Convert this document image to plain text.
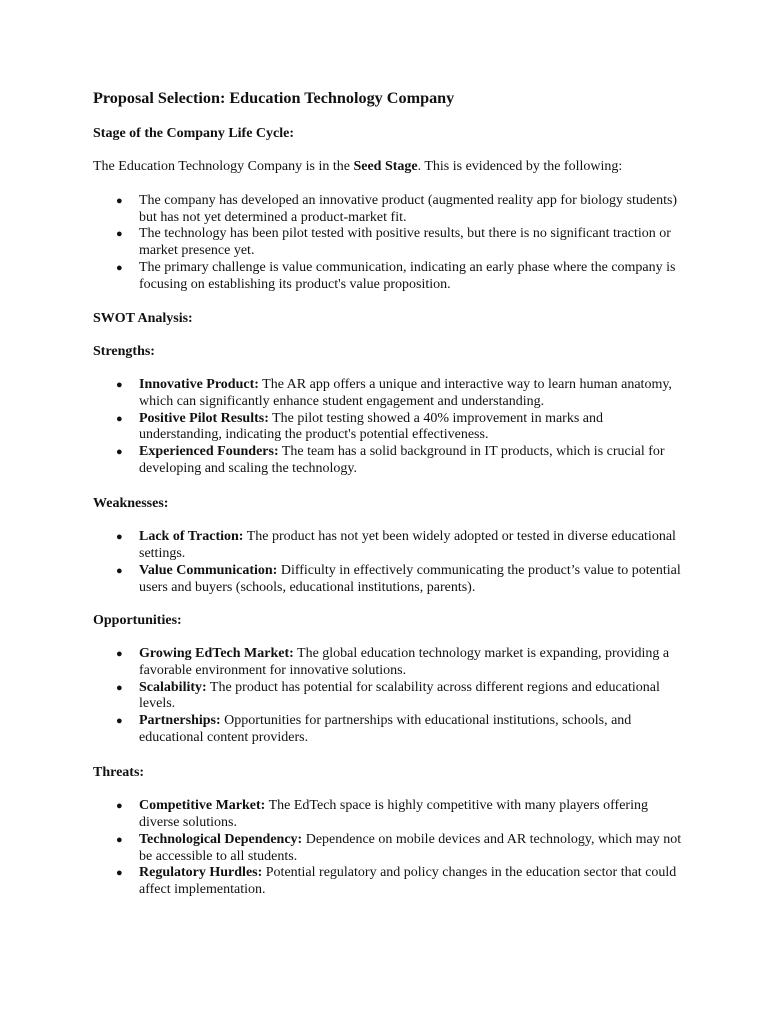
Proposal Selection: Education Technology Company
Stage of the Company Life Cycle:

The Education Technology Company is in the Seed Stage. This is evidenced by the following:

● The company has developed an innovative product (augmented reality app for biology students) but has not yet determined a product-market fit.
● The technology has been pilot tested with positive results, but there is no significant traction or market presence yet.
● The primary challenge is value communication, indicating an early phase where the company is focusing on establishing its product's value proposition.
SWOT Analysis:
Strengths:
● Innovative Product: The AR app offers a unique and interactive way to learn human anatomy, which can significantly enhance student engagement and understanding.
● Positive Pilot Results: The pilot testing showed a 40% improvement in marks and understanding, indicating the product's potential effectiveness.
● Experienced Founders: The team has a solid background in IT products, which is crucial for developing and scaling the technology.
Weaknesses:
● Lack of Traction: The product has not yet been widely adopted or tested in diverse educational settings.
● Value Communication: Difficulty in effectively communicating the product’s value to potential users and buyers (schools, educational institutions, parents).
Opportunities:
● Growing EdTech Market: The global education technology market is expanding, providing a favorable environment for innovative solutions.
● Scalability: The product has potential for scalability across different regions and educational levels.
● Partnerships: Opportunities for partnerships with educational institutions, schools, and educational content providers.
Threats:
● Competitive Market: The EdTech space is highly competitive with many players offering diverse solutions.
● Technological Dependency: Dependence on mobile devices and AR technology, which may not be accessible to all students.
● Regulatory Hurdles: Potential regulatory and policy changes in the education sector that could affect implementation.
